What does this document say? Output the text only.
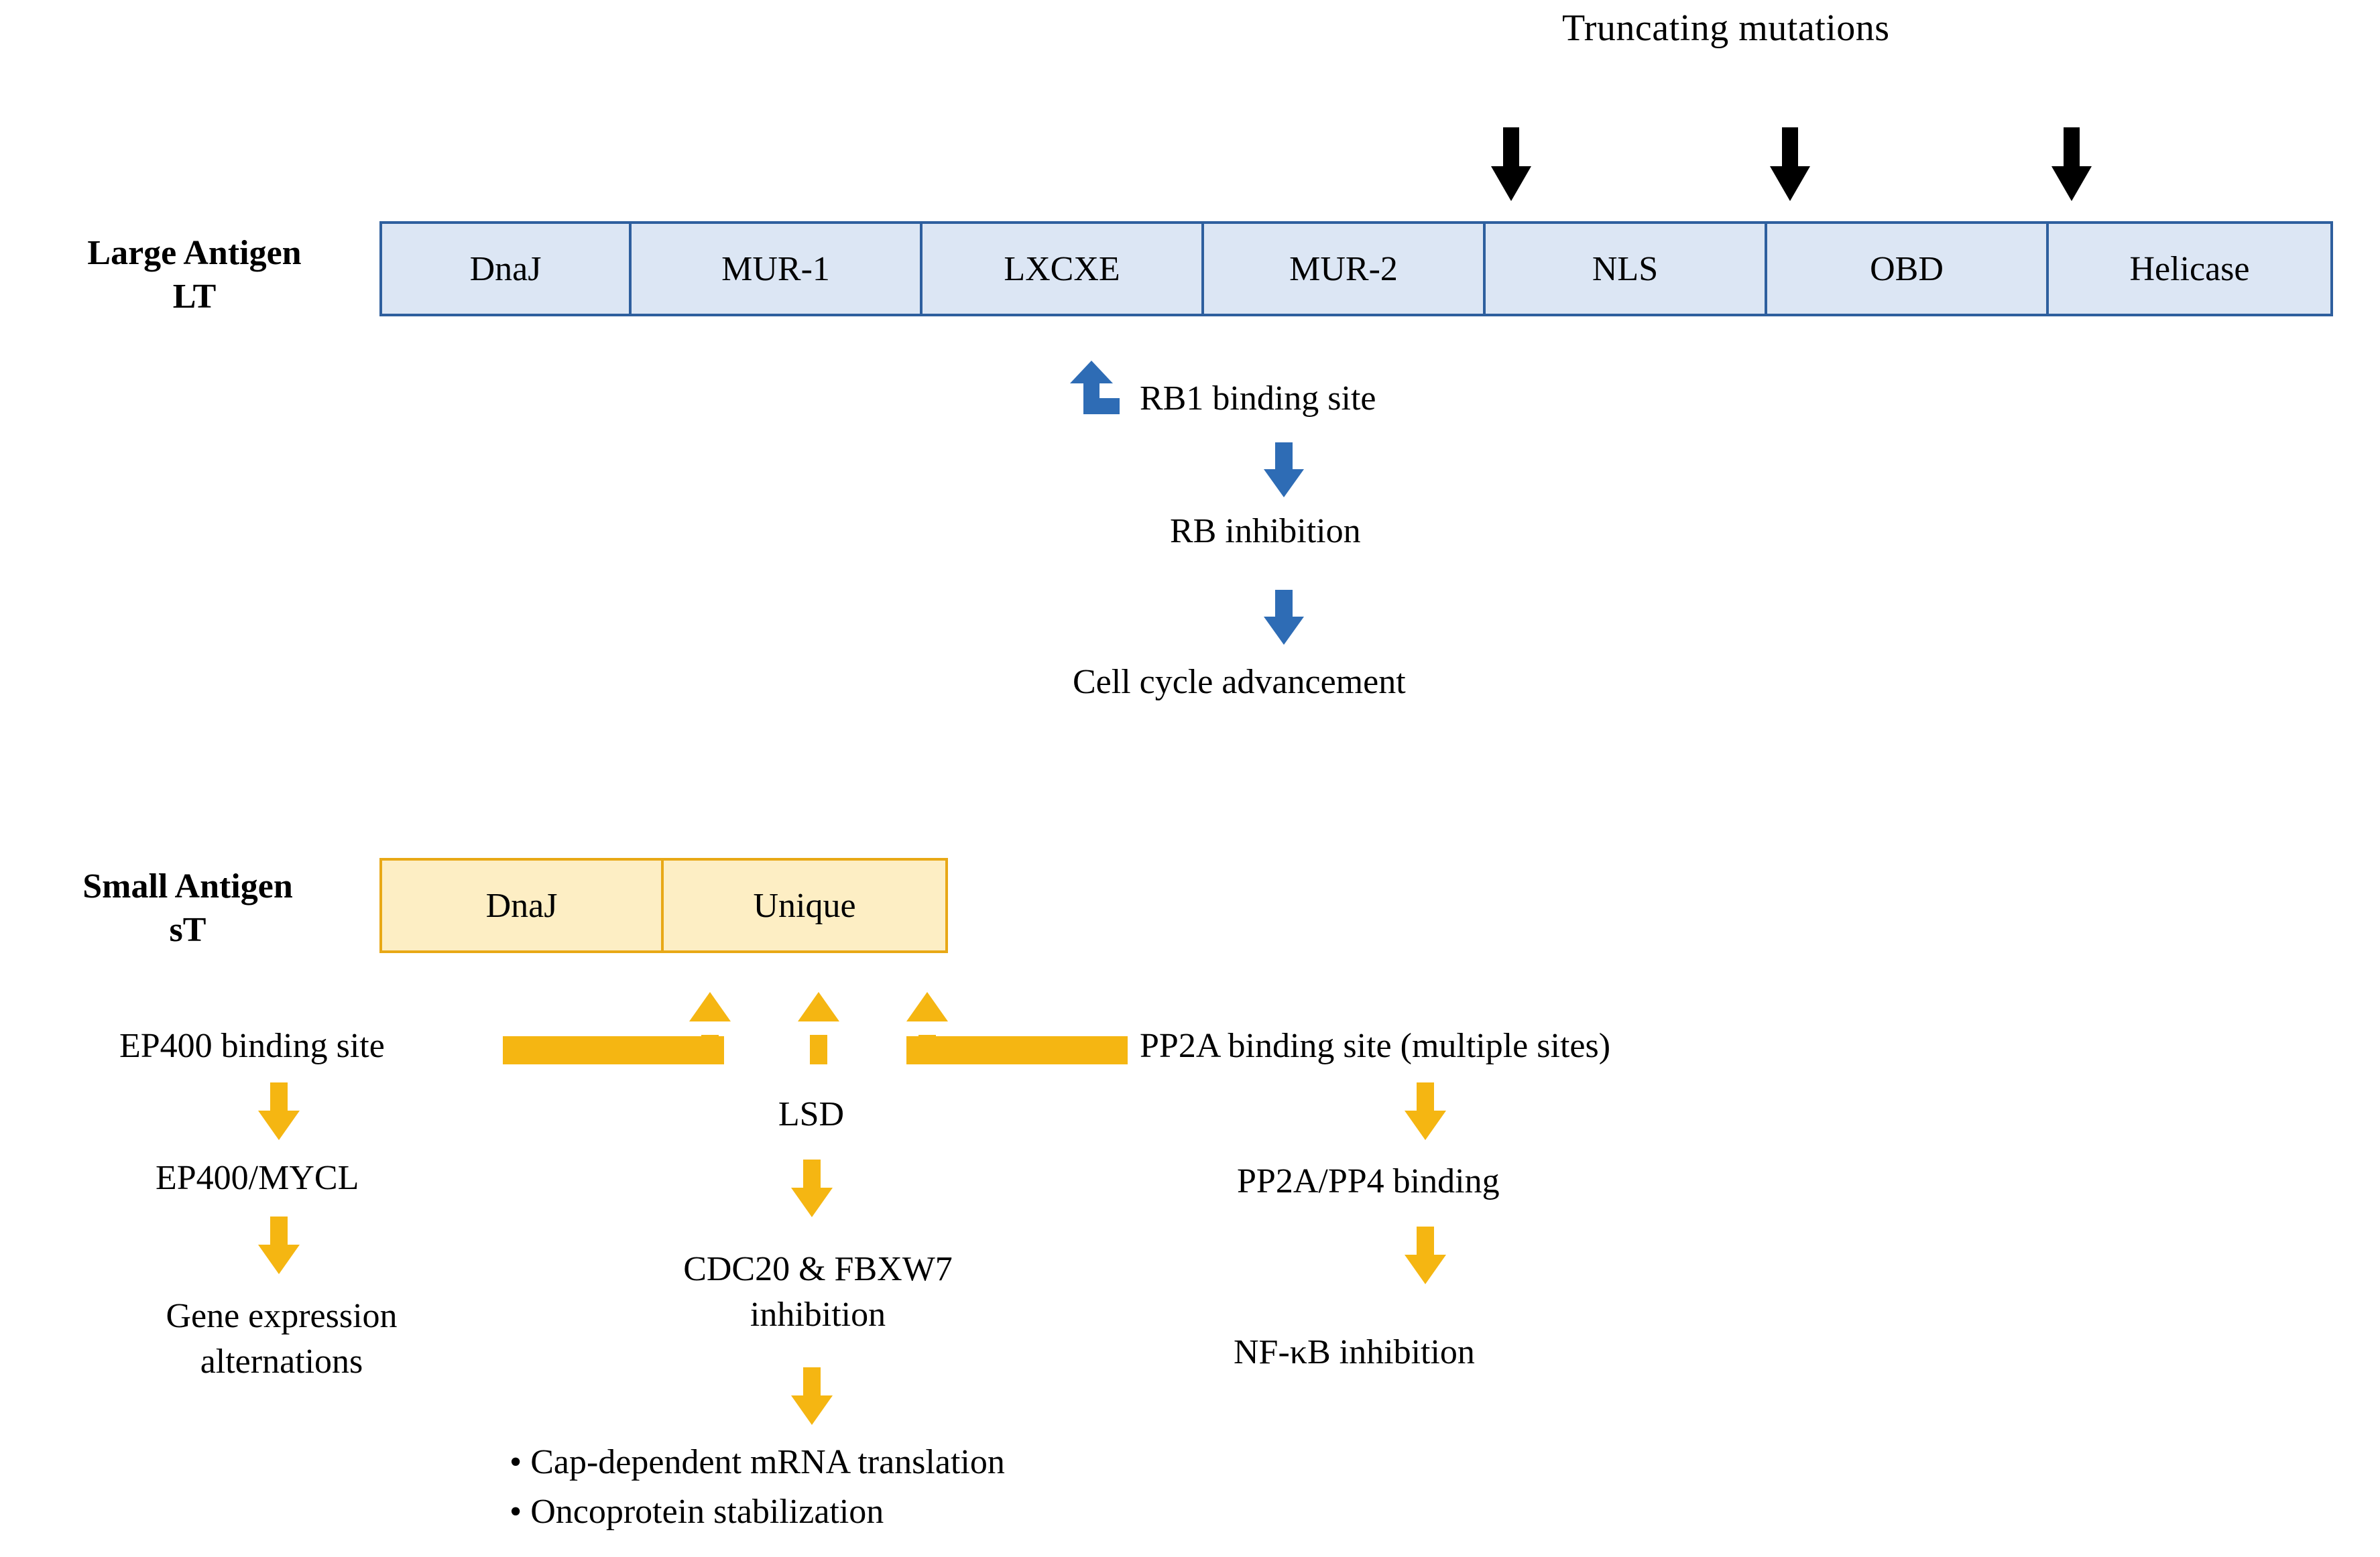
Truncating mutations
Large Antigen
LT
DnaJ	MUR-1	LXCXE	MUR-2	NLS	OBD	Helicase
RB1 binding site
RB inhibition
Cell cycle advancement
Small Antigen
sT
DnaJ	Unique
EP400 binding site	PP2A binding site (multiple sites)
EP400/MYCL
Gene expression
alternations
LSD
CDC20 & FBXW7
inhibition
• Cap-dependent mRNA translation
• Oncoprotein stabilization
PP2A/PP4 binding
NF-κB inhibition
